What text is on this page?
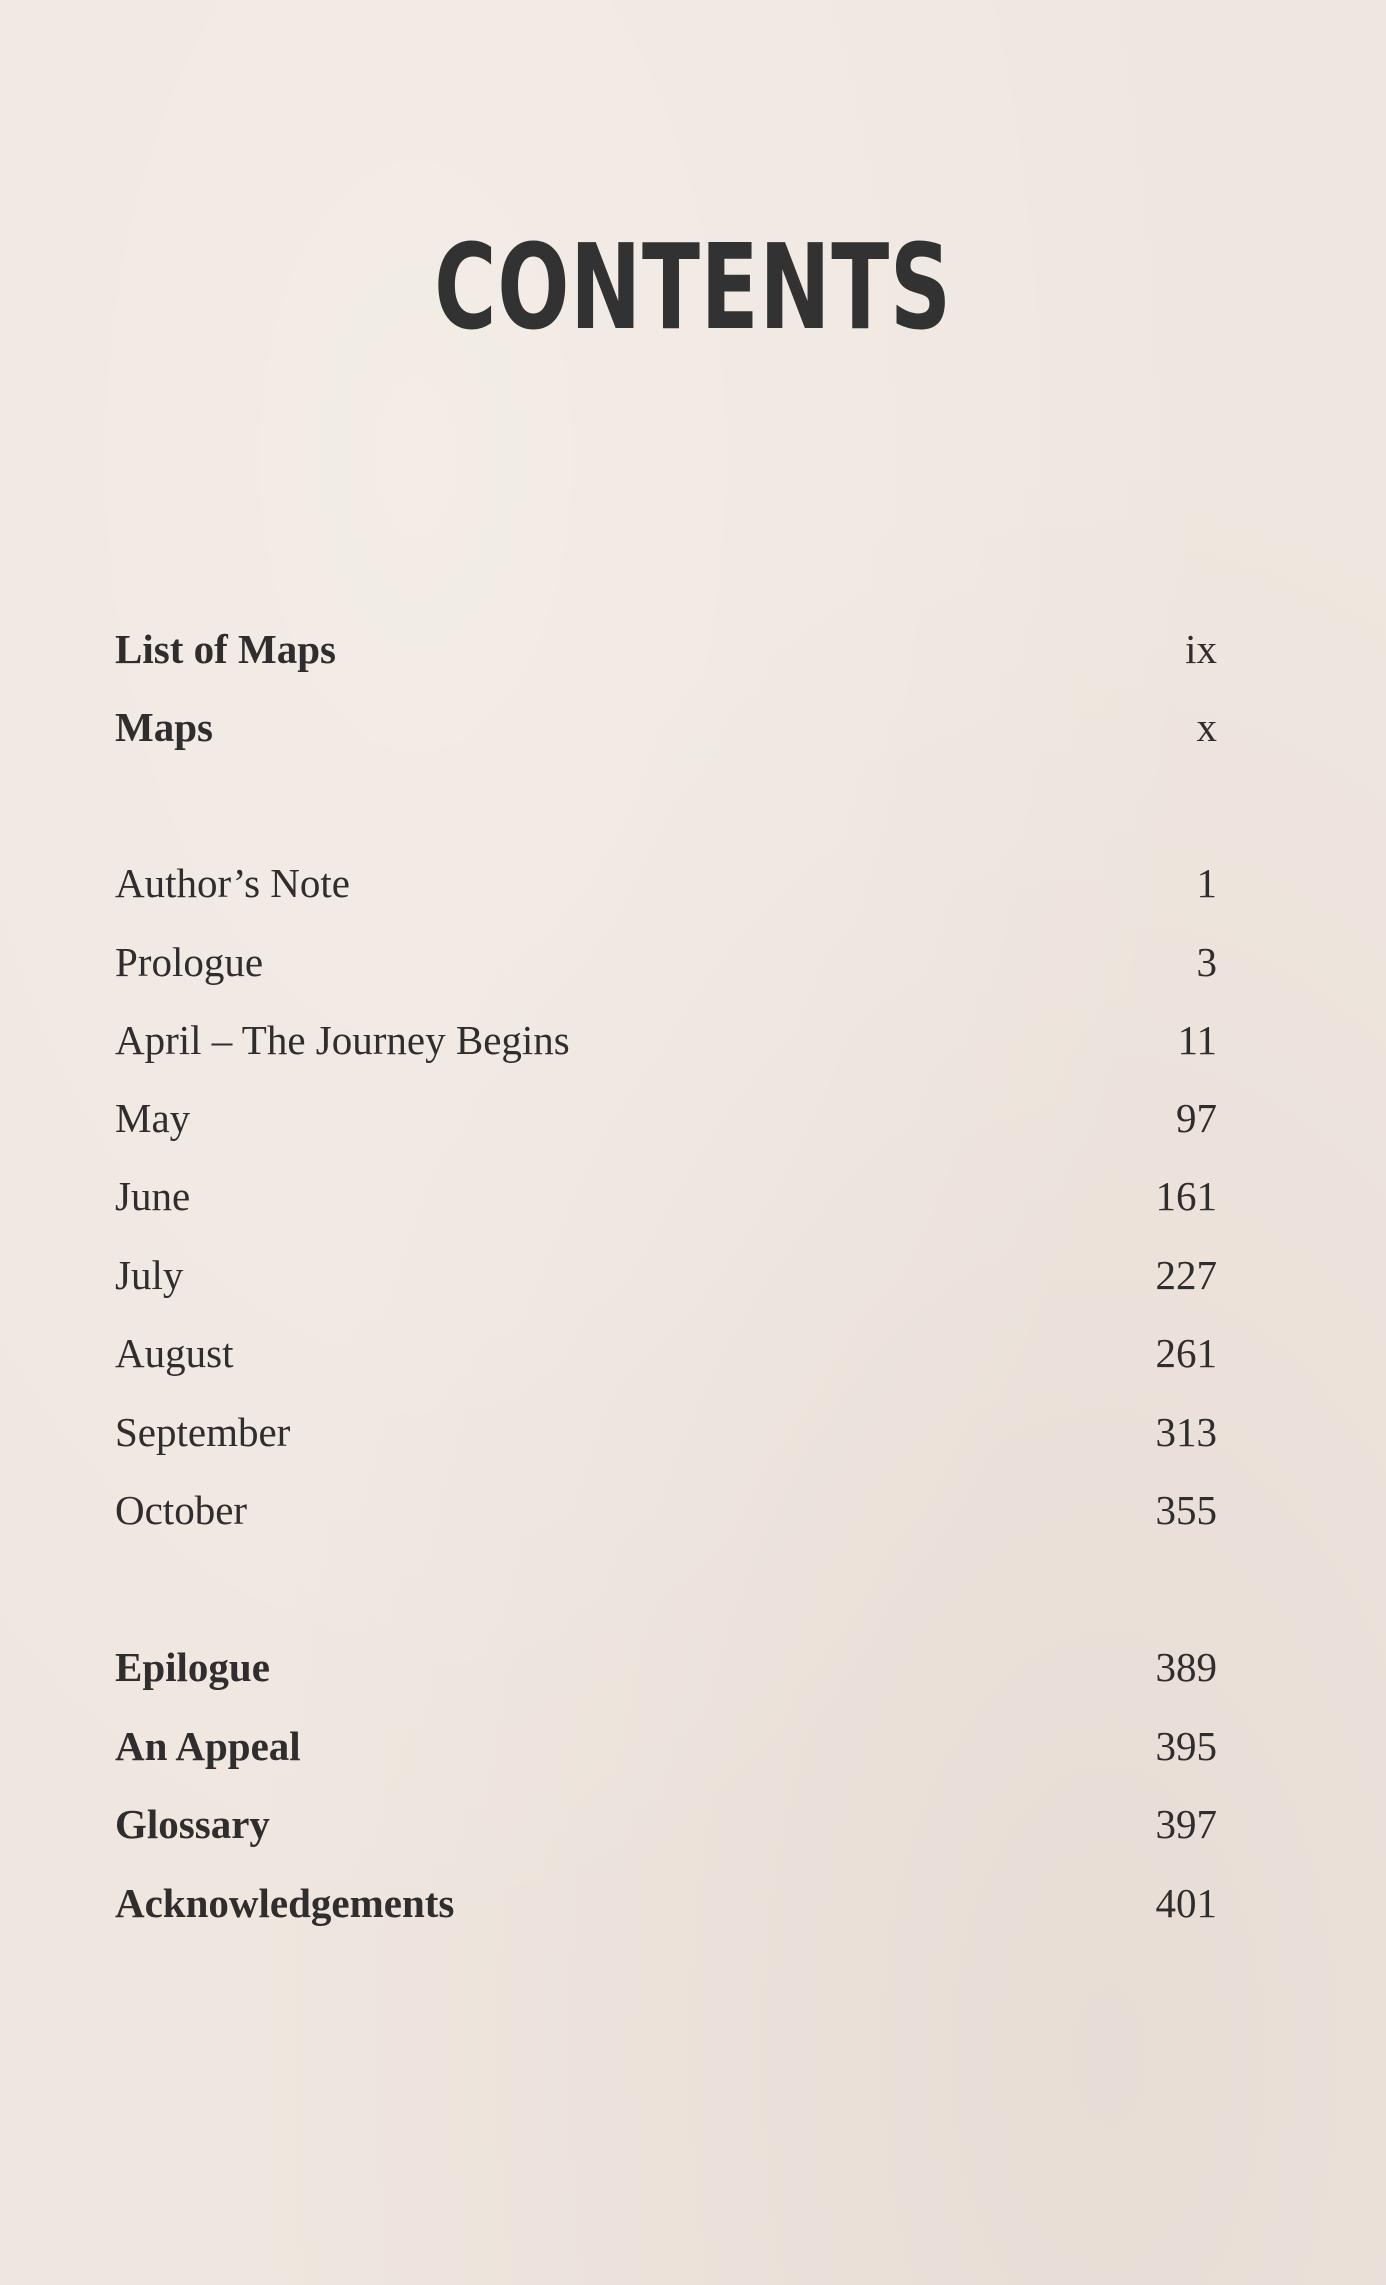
CONTENTS
List of Maps	ix
Maps	x
Author’s Note	1
Prologue	3
April – The Journey Begins	11
May	97
June	161
July	227
August	261
September	313
October	355
Epilogue	389
An Appeal	395
Glossary	397
Acknowledgements	401
